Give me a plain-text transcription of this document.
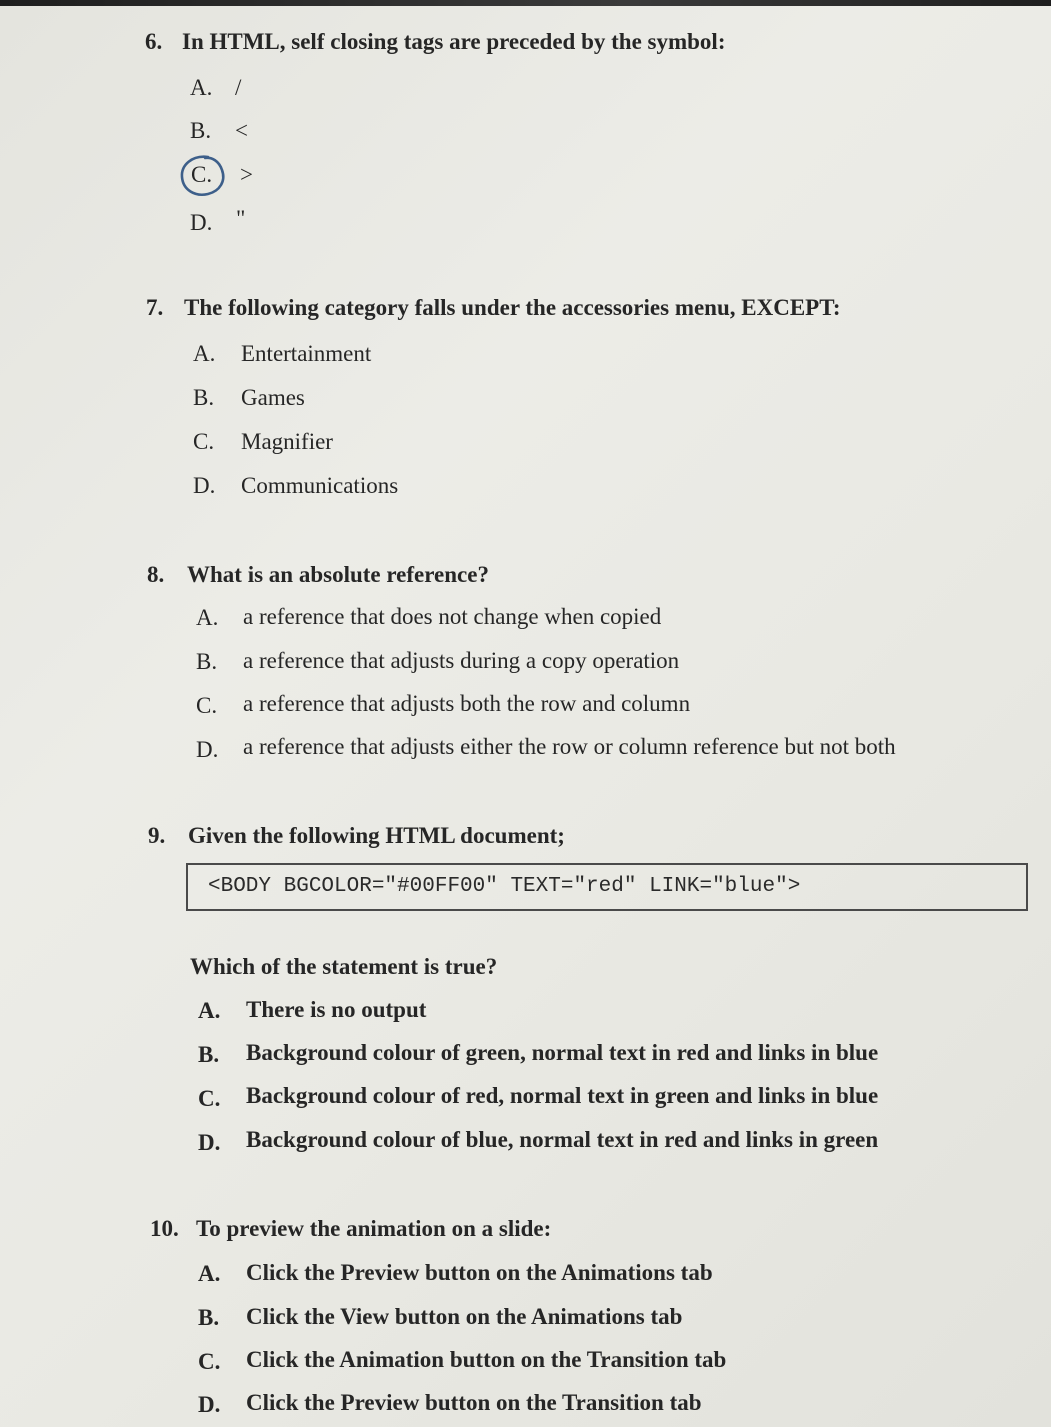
6. In HTML, self closing tags are preceded by the symbol:
A. /
B. <
C. >
D. "
7. The following category falls under the accessories menu, EXCEPT:
A. Entertainment
B. Games
C. Magnifier
D. Communications
8. What is an absolute reference?
A. a reference that does not change when copied
B. a reference that adjusts during a copy operation
C. a reference that adjusts both the row and column
D. a reference that adjusts either the row or column reference but not both
9. Given the following HTML document;
<BODY BGCOLOR="#00FF00" TEXT="red" LINK="blue">
Which of the statement is true?
A. There is no output
B. Background colour of green, normal text in red and links in blue
C. Background colour of red, normal text in green and links in blue
D. Background colour of blue, normal text in red and links in green
10. To preview the animation on a slide:
A. Click the Preview button on the Animations tab
B. Click the View button on the Animations tab
C. Click the Animation button on the Transition tab
D. Click the Preview button on the Transition tab
